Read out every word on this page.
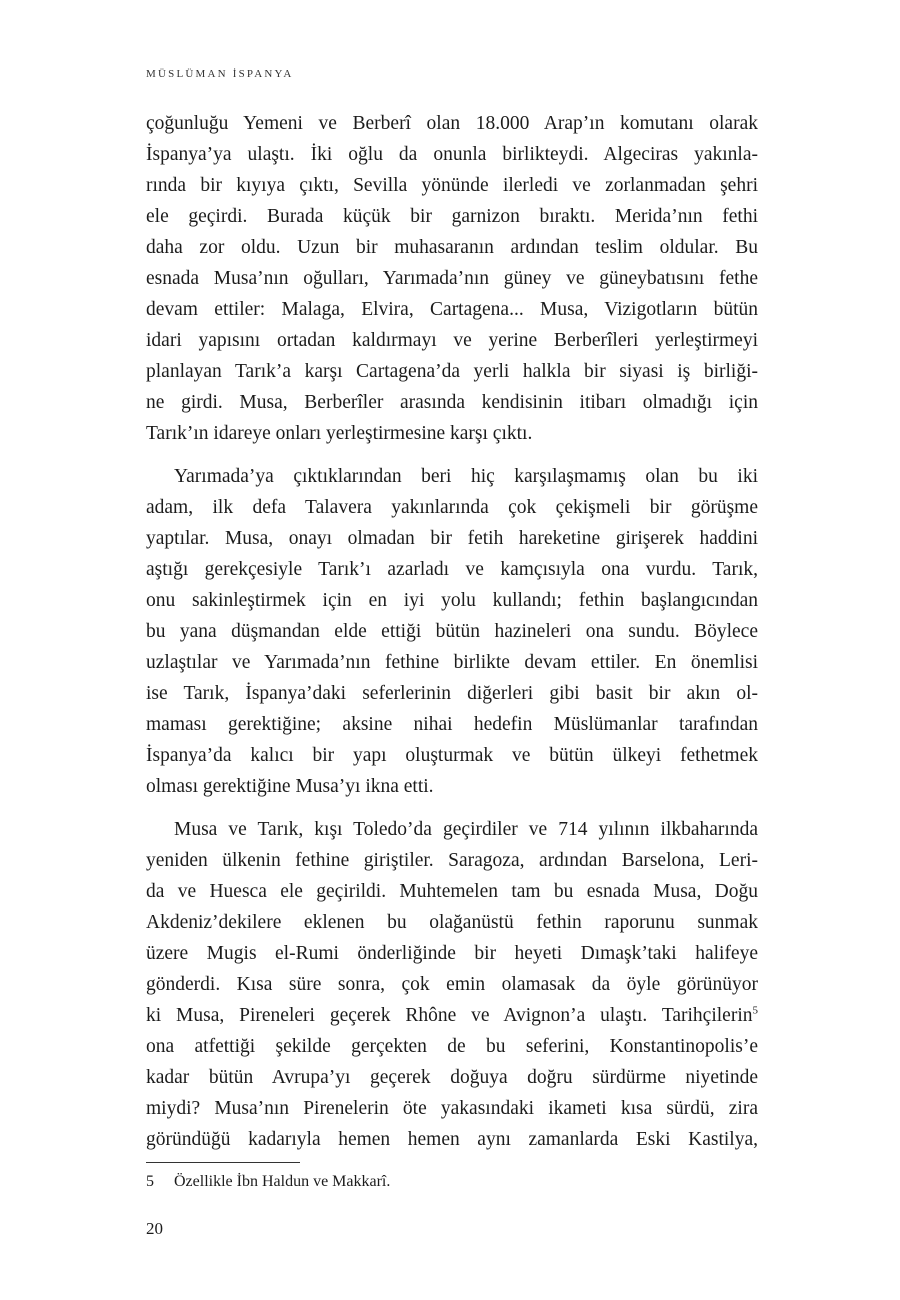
MÜSLÜMAN İSPANYA

çoğunluğu Yemeni ve Berberî olan 18.000 Arap’ın komutanı olarak
İspanya’ya ulaştı. İki oğlu da onunla birlikteydi. Algeciras yakınla-
rında bir kıyıya çıktı, Sevilla yönünde ilerledi ve zorlanmadan şehri
ele geçirdi. Burada küçük bir garnizon bıraktı. Merida’nın fethi
daha zor oldu. Uzun bir muhasaranın ardından teslim oldular. Bu
esnada Musa’nın oğulları, Yarımada’nın güney ve güneybatısını fethe
devam ettiler: Malaga, Elvira, Cartagena... Musa, Vizigotların bütün
idari yapısını ortadan kaldırmayı ve yerine Berberîleri yerleştirmeyi
planlayan Tarık’a karşı Cartagena’da yerli halkla bir siyasi iş birliği-
ne girdi. Musa, Berberîler arasında kendisinin itibarı olmadığı için
Tarık’ın idareye onları yerleştirmesine karşı çıktı.

Yarımada’ya çıktıklarından beri hiç karşılaşmamış olan bu iki
adam, ilk defa Talavera yakınlarında çok çekişmeli bir görüşme
yaptılar. Musa, onayı olmadan bir fetih hareketine girişerek haddini
aştığı gerekçesiyle Tarık’ı azarladı ve kamçısıyla ona vurdu. Tarık,
onu sakinleştirmek için en iyi yolu kullandı; fethin başlangıcından
bu yana düşmandan elde ettiği bütün hazineleri ona sundu. Böylece
uzlaştılar ve Yarımada’nın fethine birlikte devam ettiler. En önemlisi
ise Tarık, İspanya’daki seferlerinin diğerleri gibi basit bir akın ol-
maması gerektiğine; aksine nihai hedefin Müslümanlar tarafından
İspanya’da kalıcı bir yapı oluşturmak ve bütün ülkeyi fethetmek
olması gerektiğine Musa’yı ikna etti.

Musa ve Tarık, kışı Toledo’da geçirdiler ve 714 yılının ilkbaharında
yeniden ülkenin fethine giriştiler. Saragoza, ardından Barselona, Leri-
da ve Huesca ele geçirildi. Muhtemelen tam bu esnada Musa, Doğu
Akdeniz’dekilere eklenen bu olağanüstü fethin raporunu sunmak
üzere Mugis el-Rumi önderliğinde bir heyeti Dımaşk’taki halifeye
gönderdi. Kısa süre sonra, çok emin olamasak da öyle görünüyor
ki Musa, Pireneleri geçerek Rhône ve Avignon’a ulaştı. Tarihçilerin$^5$
ona atfettiği şekilde gerçekten de bu seferini, Konstantinopolis’e
kadar bütün Avrupa’yı geçerek doğuya doğru sürdürme niyetinde
miydi? Musa’nın Pirenelerin öte yakasındaki ikameti kısa sürdü, zira
göründüğü kadarıyla hemen hemen aynı zamanlarda Eski Kastilya,

5 Özellikle İbn Haldun ve Makkarî.
20
